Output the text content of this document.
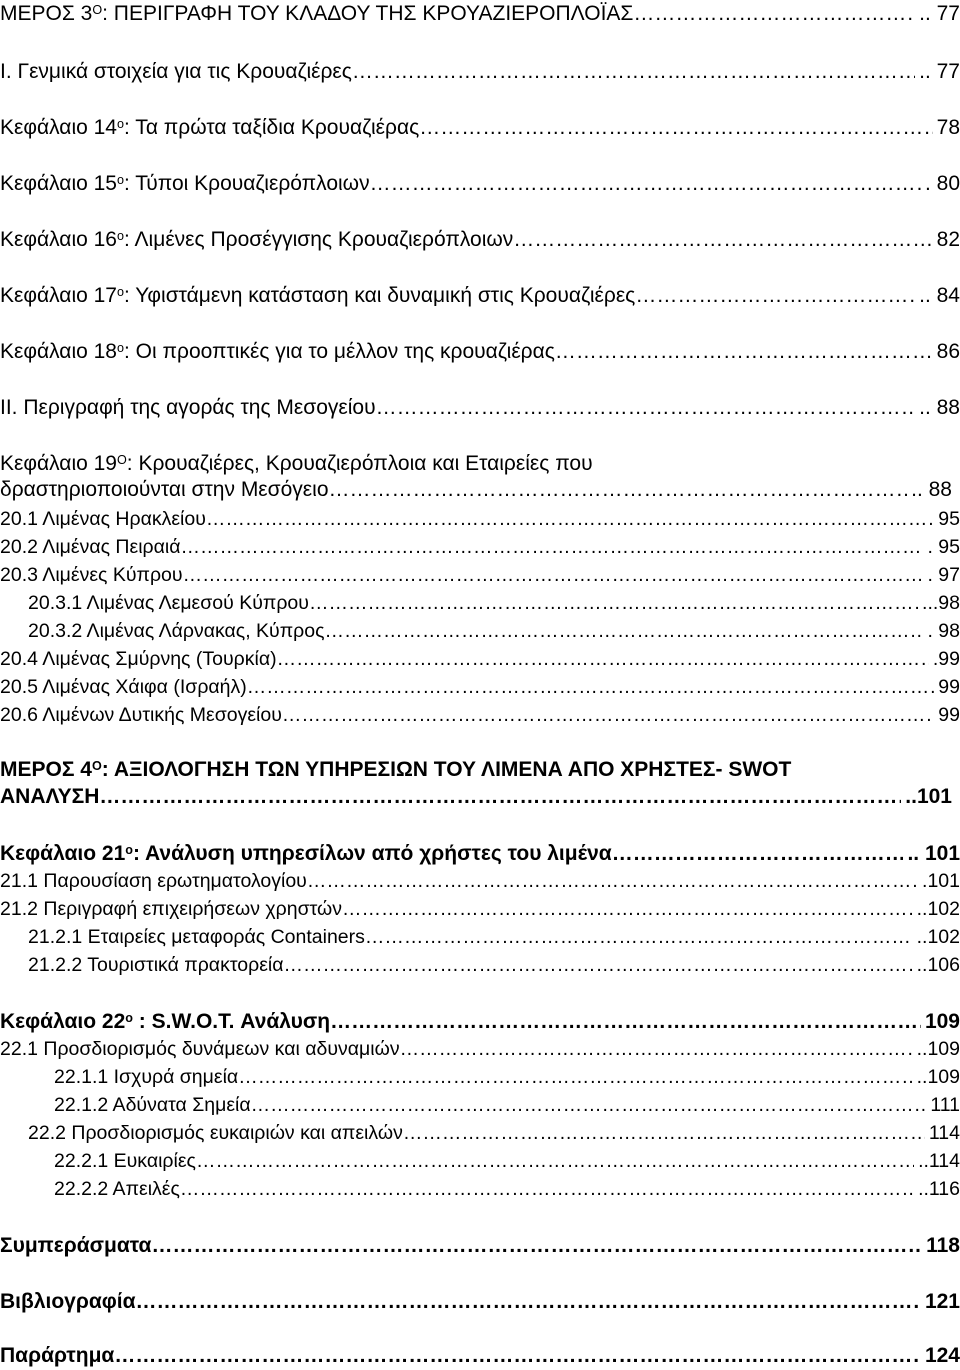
ΜΕΡΟΣ $3^O$: ΠΕΡΙΓΡΑΦΗ ΤΟΥ ΚΛΑΔΟΥ ΤΗΣ ΚΡΟΥΑΖΙΕΡΟΠΛΟΪΑΣ …………………………………………………………………………………………………………………………………………………………………………………………………………………………………………………………………	.. 77
Ι. Γενμικά στοιχεία για τις Κρουαζιέρες …………………………………………………………………………………………………………………………………………………………………………………………………………………………………………………………………	.. 77
Κεφάλαιο $14^o$: Τα πρώτα ταξίδια Κρουαζιέρας …………………………………………………………………………………………………………………………………………………………………………………………………………………………………………………………………	78
Κεφάλαιο $15^o$: Τύποι Κρουαζιερόπλοιων …………………………………………………………………………………………………………………………………………………………………………………………………………………………………………………………………	. 80
Κεφάλαιο $16^o$: Λιμένες Προσέγγισης Κρουαζιερόπλοιων …………………………………………………………………………………………………………………………………………………………………………………………………………………………………………………………………	82
Κεφάλαιο $17^o$: Υφιστάμενη κατάσταση και δυναμική στις Κρουαζιέρες …………………………………………………………………………………………………………………………………………………………………………………………………………………………………………………………………	.. 84
Κεφάλαιο $18^o$: Οι προοπτικές για το μέλλον της κρουαζιέρας …………………………………………………………………………………………………………………………………………………………………………………………………………………………………………………………………	86
ΙΙ. Περιγραφή της αγοράς της Μεσογείου …………………………………………………………………………………………………………………………………………………………………………………………………………………………………………………………………	.. 88
Κεφάλαιο $19^O$: Κρουαζιέρες, Κρουαζιερόπλοια και Εταιρείες που
δραστηριοποιούνται στην Μεσόγειο …………………………………………………………………………………………………………………………………………………………………………………………………………………………………………………………………	.. 88
20.1 Λιμένας Ηρακλείου …………………………………………………………………………………………………………………………………………………………………………………………………………………………………………………………………	95
20.2 Λιμένας Πειραιά …………………………………………………………………………………………………………………………………………………………………………………………………………………………………………………………………	. 95
20.3 Λιμένες Κύπρου …………………………………………………………………………………………………………………………………………………………………………………………………………………………………………………………………	. 97
20.3.1 Λιμένας Λεμεσού Κύπρου …………………………………………………………………………………………………………………………………………………………………………………………………………………………………………………………………	...98
20.3.2 Λιμένας Λάρνακας, Κύπρος …………………………………………………………………………………………………………………………………………………………………………………………………………………………………………………………………	. 98
20.4 Λιμένας Σμύρνης (Τουρκία) …………………………………………………………………………………………………………………………………………………………………………………………………………………………………………………………………	.99
20.5 Λιμένας Χάιφα (Ισραήλ) …………………………………………………………………………………………………………………………………………………………………………………………………………………………………………………………………	99
20.6 Λιμένων Δυτικής Μεσογείου …………………………………………………………………………………………………………………………………………………………………………………………………………………………………………………………………	99
ΜΕΡΟΣ $4^O$: ΑΞΙΟΛΟΓΗΣΗ ΤΩΝ ΥΠΗΡΕΣΙΩΝ ΤΟΥ ΛΙΜΕΝΑ ΑΠΟ ΧΡΗΣΤΕΣ- SWOT
ΑΝΑΛΥΣΗ …………………………………………………………………………………………………………………………………………………………………………………………………………………………………………………………………	..101
Κεφάλαιο $21^o$: Ανάλυση υπηρεσίλων από χρήστες του λιμένα …………………………………………………………………………………………………………………………………………………………………………………………………………………………………………………………………	.. 101
21.1 Παρουσίαση ερωτηματολογίου …………………………………………………………………………………………………………………………………………………………………………………………………………………………………………………………………	.101
21.2 Περιγραφή επιχειρήσεων χρηστών …………………………………………………………………………………………………………………………………………………………………………………………………………………………………………………………………	..102
21.2.1 Εταιρείες μεταφοράς Containers …………………………………………………………………………………………………………………………………………………………………………………………………………………………………………………………………	..102
21.2.2 Τουριστικά πρακτορεία …………………………………………………………………………………………………………………………………………………………………………………………………………………………………………………………………	..106
Κεφάλαιο $22^o$ : S.W.O.T. Ανάλυση …………………………………………………………………………………………………………………………………………………………………………………………………………………………………………………………………	109
22.1 Προσδιορισμός δυνάμεων και αδυναμιών …………………………………………………………………………………………………………………………………………………………………………………………………………………………………………………………………	..109
22.1.1 Ισχυρά σημεία …………………………………………………………………………………………………………………………………………………………………………………………………………………………………………………………………	..109
22.1.2 Αδύνατα Σημεία …………………………………………………………………………………………………………………………………………………………………………………………………………………………………………………………………	111
22.2 Προσδιορισμός ευκαιριών και απειλών …………………………………………………………………………………………………………………………………………………………………………………………………………………………………………………………………	114
22.2.1 Ευκαιρίες …………………………………………………………………………………………………………………………………………………………………………………………………………………………………………………………………	..114
22.2.2 Απειλές …………………………………………………………………………………………………………………………………………………………………………………………………………………………………………………………………	..116
Συμπεράσματα …………………………………………………………………………………………………………………………………………………………………………………………………………………………………………………………………	118
Βιβλιογραφία …………………………………………………………………………………………………………………………………………………………………………………………………………………………………………………………………	121
Παράρτημα …………………………………………………………………………………………………………………………………………………………………………………………………………………………………………………………………	124
